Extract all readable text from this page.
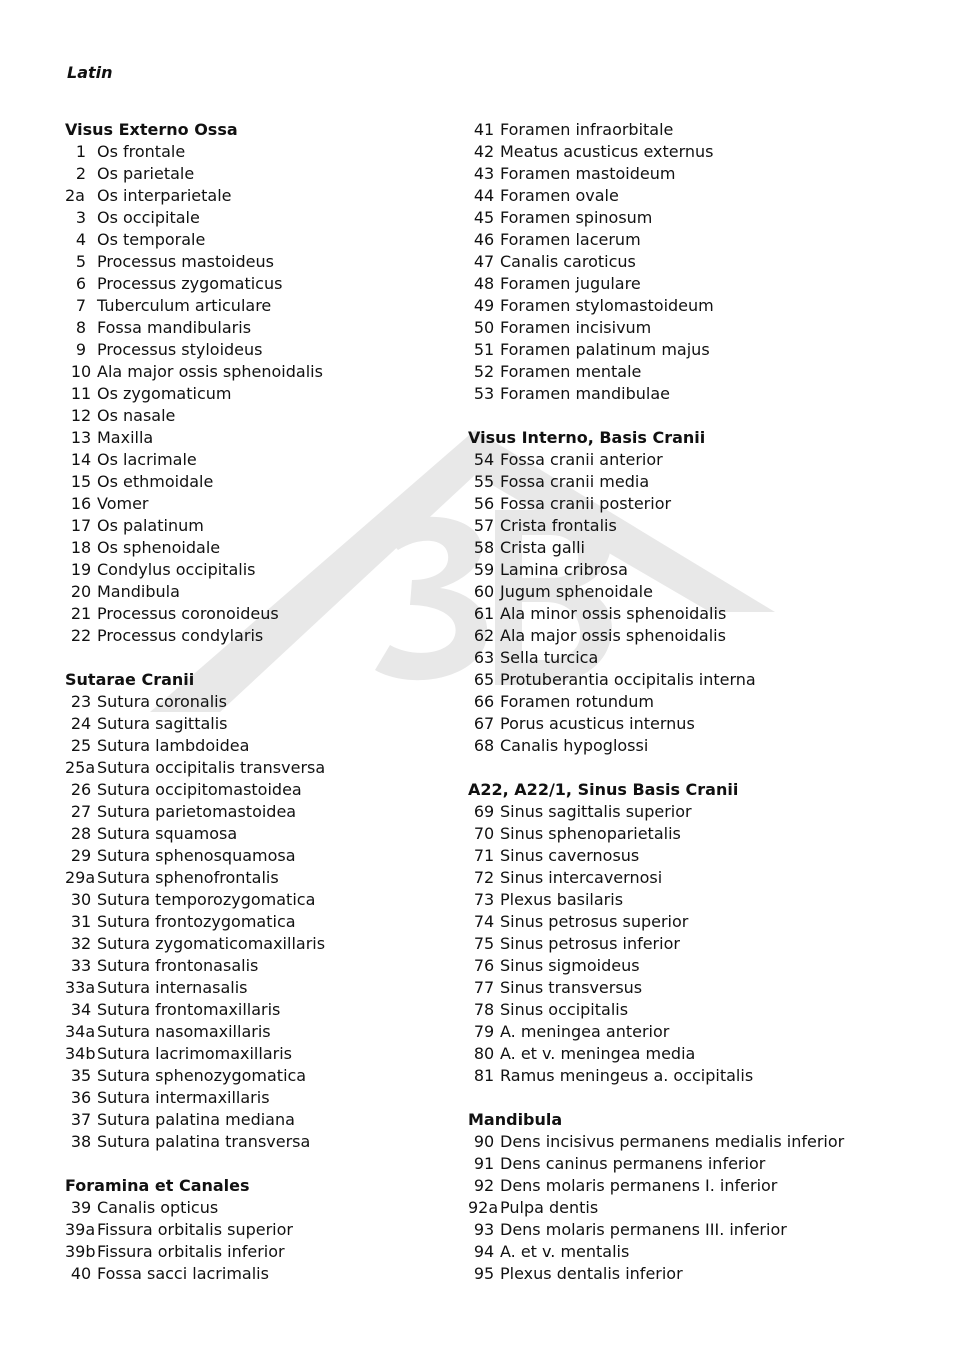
Latin
Visus Externo Ossa
1 Os frontale
2 Os parietale
2a Os interparietale
3 Os occipitale
4 Os temporale
5 Processus mastoideus
6 Processus zygomaticus
7 Tuberculum articulare
8 Fossa mandibularis
9 Processus styloideus
10 Ala major ossis sphenoidalis
11 Os zygomaticum
12 Os nasale
13 Maxilla
14 Os lacrimale
15 Os ethmoidale
16 Vomer
17 Os palatinum
18 Os sphenoidale
19 Condylus occipitalis
20 Mandibula
21 Processus coronoideus
22 Processus condylaris
Sutarae Cranii
23 Sutura coronalis
24 Sutura sagittalis
25 Sutura lambdoidea
25a Sutura occipitalis transversa
26 Sutura occipitomastoidea
27 Sutura parietomastoidea
28 Sutura squamosa
29 Sutura sphenosquamosa
29a Sutura sphenofrontalis
30 Sutura temporozygomatica
31 Sutura frontozygomatica
32 Sutura zygomaticomaxillaris
33 Sutura frontonasalis
33a Sutura internasalis
34 Sutura frontomaxillaris
34a Sutura nasomaxillaris
34b Sutura lacrimomaxillaris
35 Sutura sphenozygomatica
36 Sutura intermaxillaris
37 Sutura palatina mediana
38 Sutura palatina transversa
Foramina et Canales
39 Canalis opticus
39a Fissura orbitalis superior
39b Fissura orbitalis inferior
40 Fossa sacci lacrimalis
41 Foramen infraorbitale
42 Meatus acusticus externus
43 Foramen mastoideum
44 Foramen ovale
45 Foramen spinosum
46 Foramen lacerum
47 Canalis caroticus
48 Foramen jugulare
49 Foramen stylomastoideum
50 Foramen incisivum
51 Foramen palatinum majus
52 Foramen mentale
53 Foramen mandibulae
Visus Interno, Basis Cranii
54 Fossa cranii anterior
55 Fossa cranii media
56 Fossa cranii posterior
57 Crista frontalis
58 Crista galli
59 Lamina cribrosa
60 Jugum sphenoidale
61 Ala minor ossis sphenoidalis
62 Ala major ossis sphenoidalis
63 Sella turcica
65 Protuberantia occipitalis interna
66 Foramen rotundum
67 Porus acusticus internus
68 Canalis hypoglossi
A22, A22/1, Sinus Basis Cranii
69 Sinus sagittalis superior
70 Sinus sphenoparietalis
71 Sinus cavernosus
72 Sinus intercavernosi
73 Plexus basilaris
74 Sinus petrosus superior
75 Sinus petrosus inferior
76 Sinus sigmoideus
77 Sinus transversus
78 Sinus occipitalis
79 A. meningea anterior
80 A. et v. meningea media
81 Ramus meningeus a. occipitalis
Mandibula
90 Dens incisivus permanens medialis inferior
91 Dens caninus permanens inferior
92 Dens molaris permanens I. inferior
92a Pulpa dentis
93 Dens molaris permanens III. inferior
94 A. et v. mentalis
95 Plexus dentalis inferior
